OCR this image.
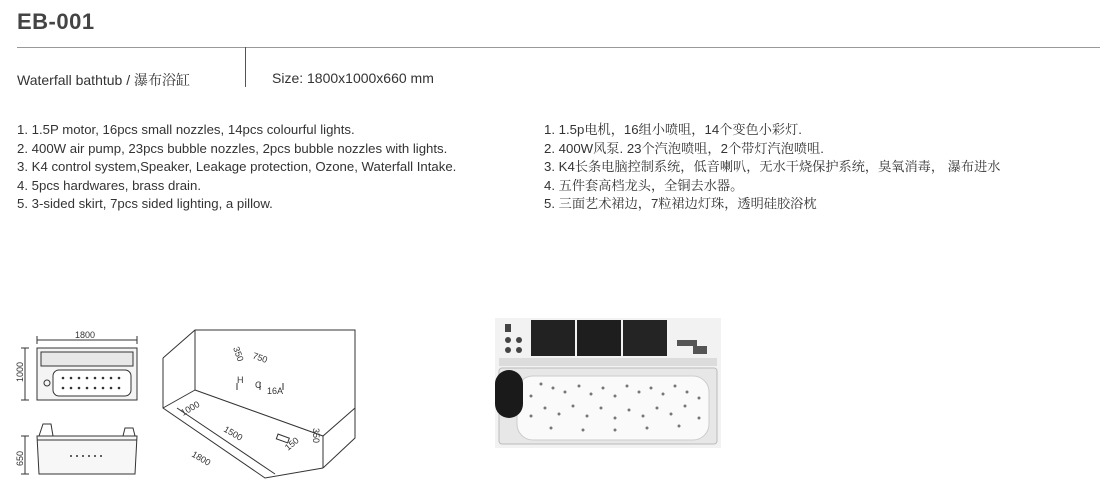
EB-001
Waterfall bathtub / 瀑布浴缸	Size: 1800x1000x660 mm
1. 1.5P motor, 16pcs small nozzles, 14pcs colourful lights.
2. 400W air pump, 23pcs bubble nozzles, 2pcs bubble nozzles with lights.
3. K4 control system,Speaker, Leakage protection, Ozone, Waterfall Intake.
4. 5pcs hardwares, brass drain.
5. 3-sided skirt, 7pcs sided lighting, a pillow.
1. 1.5p电机，16组小喷咀，14个变色小彩灯.
2. 400W风泵. 23个汽泡喷咀，2个带灯汽泡喷咀.
3. K4长条电脑控制系统，低音喇叭，无水干烧保护系统，臭氧消毒， 瀑布进水
4. 五件套高档龙头，全铜去水器。
5. 三面艺术裙边，7粒裙边灯珠，透明硅胶浴枕
1800
1000
650
350 750
H C
16A
1000
1500
150 350
1800
